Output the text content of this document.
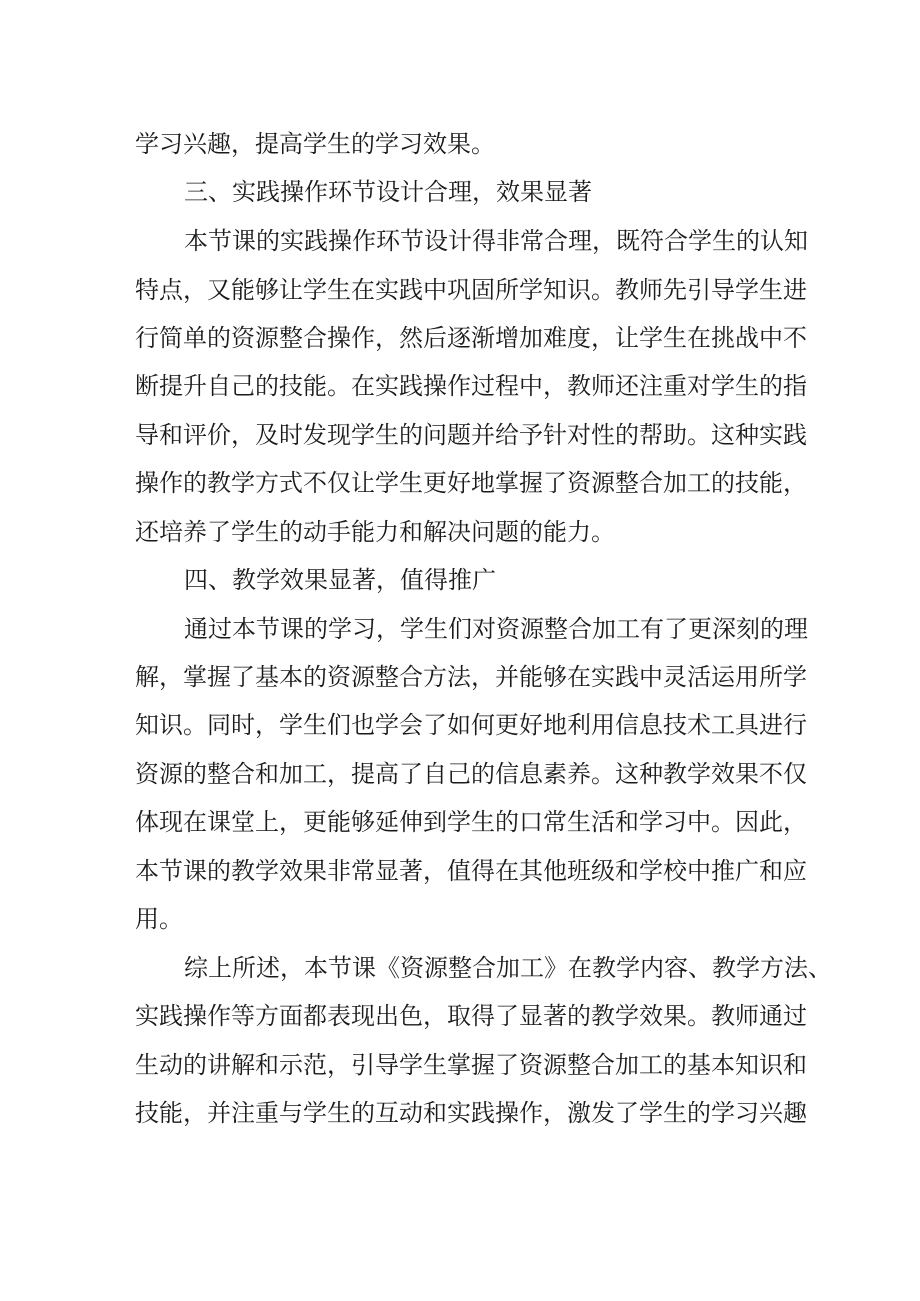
学习兴趣，提高学生的学习效果。

三、实践操作环节设计合理，效果显著

本节课的实践操作环节设计得非常合理，既符合学生的认知

特点，又能够让学生在实践中巩固所学知识。教师先引导学生进

行简单的资源整合操作，然后逐渐增加难度，让学生在挑战中不

断提升自己的技能。在实践操作过程中，教师还注重对学生的指

导和评价，及时发现学生的问题并给予针对性的帮助。这种实践

操作的教学方式不仅让学生更好地掌握了资源整合加工的技能，

还培养了学生的动手能力和解决问题的能力。

四、教学效果显著，值得推广

通过本节课的学习，学生们对资源整合加工有了更深刻的理

解，掌握了基本的资源整合方法，并能够在实践中灵活运用所学

知识。同时，学生们也学会了如何更好地利用信息技术工具进行

资源的整合和加工，提高了自己的信息素养。这种教学效果不仅

体现在课堂上，更能够延伸到学生的口常生活和学习中。因此，

本节课的教学效果非常显著，值得在其他班级和学校中推广和应

用。

综上所述，本节课《资源整合加工》在教学内容、教学方法、

实践操作等方面都表现出色，取得了显著的教学效果。教师通过

生动的讲解和示范，引导学生掌握了资源整合加工的基本知识和

技能，并注重与学生的互动和实践操作，激发了学生的学习兴趣
